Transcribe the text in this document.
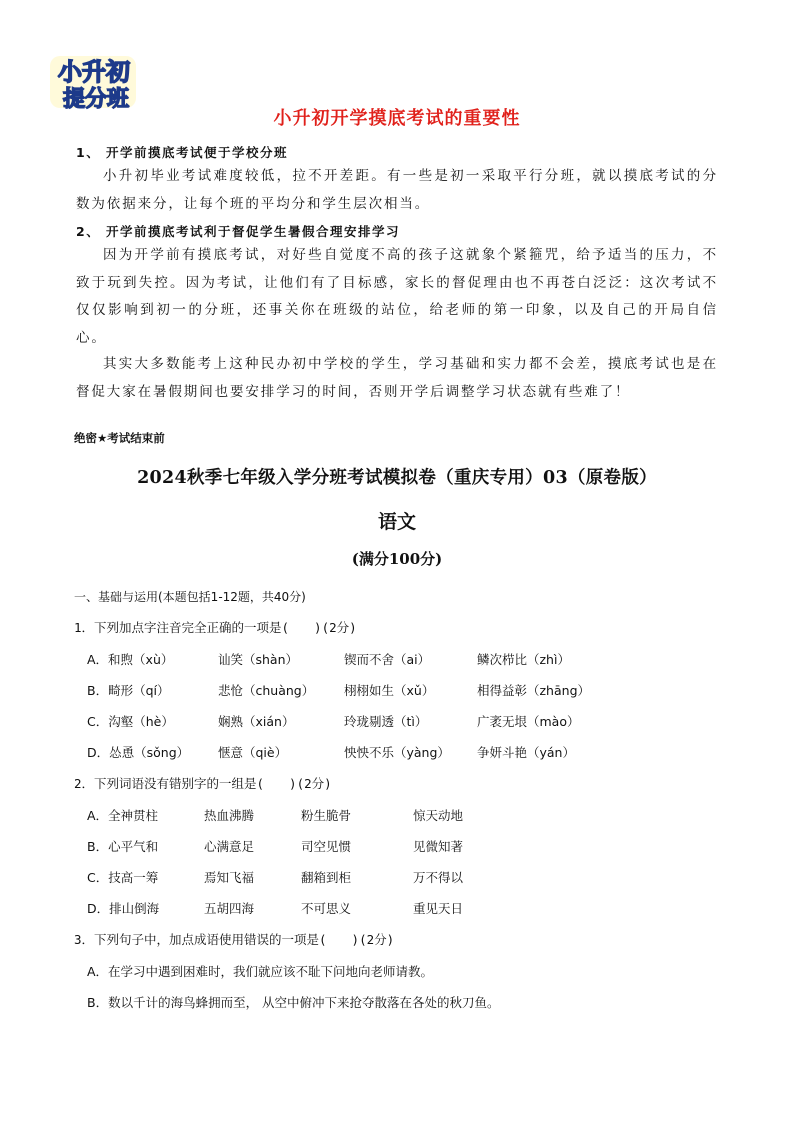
小升初
提分班
小升初开学摸底考试的重要性
1、 开学前摸底考试便于学校分班
小升初毕业考试难度较低，拉不开差距。有一些是初一采取平行分班，就以摸底考试的分数为依据来分，让每个班的平均分和学生层次相当。
2、 开学前摸底考试利于督促学生暑假合理安排学习
因为开学前有摸底考试，对好些自觉度不高的孩子这就象个紧箍咒，给予适当的压力，不致于玩到失控。因为考试，让他们有了目标感，家长的督促理由也不再苍白泛泛：这次考试不仅仅影响到初一的分班，还事关你在班级的站位，给老师的第一印象，以及自己的开局自信心。
其实大多数能考上这种民办初中学校的学生，学习基础和实力都不会差，摸底考试也是在督促大家在暑假期间也要安排学习的时间，否则开学后调整学习状态就有些难了！
绝密★考试结束前
2024秋季七年级入学分班考试模拟卷（重庆专用）03（原卷版）
语文
(满分100分)
一、基础与运用(本题包括1-12题，共40分)
1．下列加点字注音完全正确的一项是(　　)(2分)
A．和煦（xù）	讪笑（shàn）	锲而不舍（ai）	鳞次栉比（zhì）
B．畸形（qí）	悲怆（chuàng） 栩栩如生（xǔ）	相得益彰（zhāng）
C．沟壑（hè）	娴熟（xián）	玲珑剔透（tì）	广袤无垠（mào）
D．怂恿（sǒng） 惬意（qiè）	怏怏不乐（yàng） 争妍斗艳（yán）
2．下列词语没有错别字的一组是(　　)(2分)
A．全神贯柱	热血沸腾	粉生脆骨	惊天动地
B．心平气和	心满意足	司空见惯	见微知著
C．技高一筹	焉知飞福	翻箱到柜	万不得以
D．排山倒海	五胡四海	不可思义	重见天日
3．下列句子中，加点成语使用错误的一项是(　　)(2分)
A．在学习中遇到困难时，我们就应该不耻下问地向老师请教。
B．数以千计的海鸟蜂拥而至， 从空中俯冲下来抢夺散落在各处的秋刀鱼。
